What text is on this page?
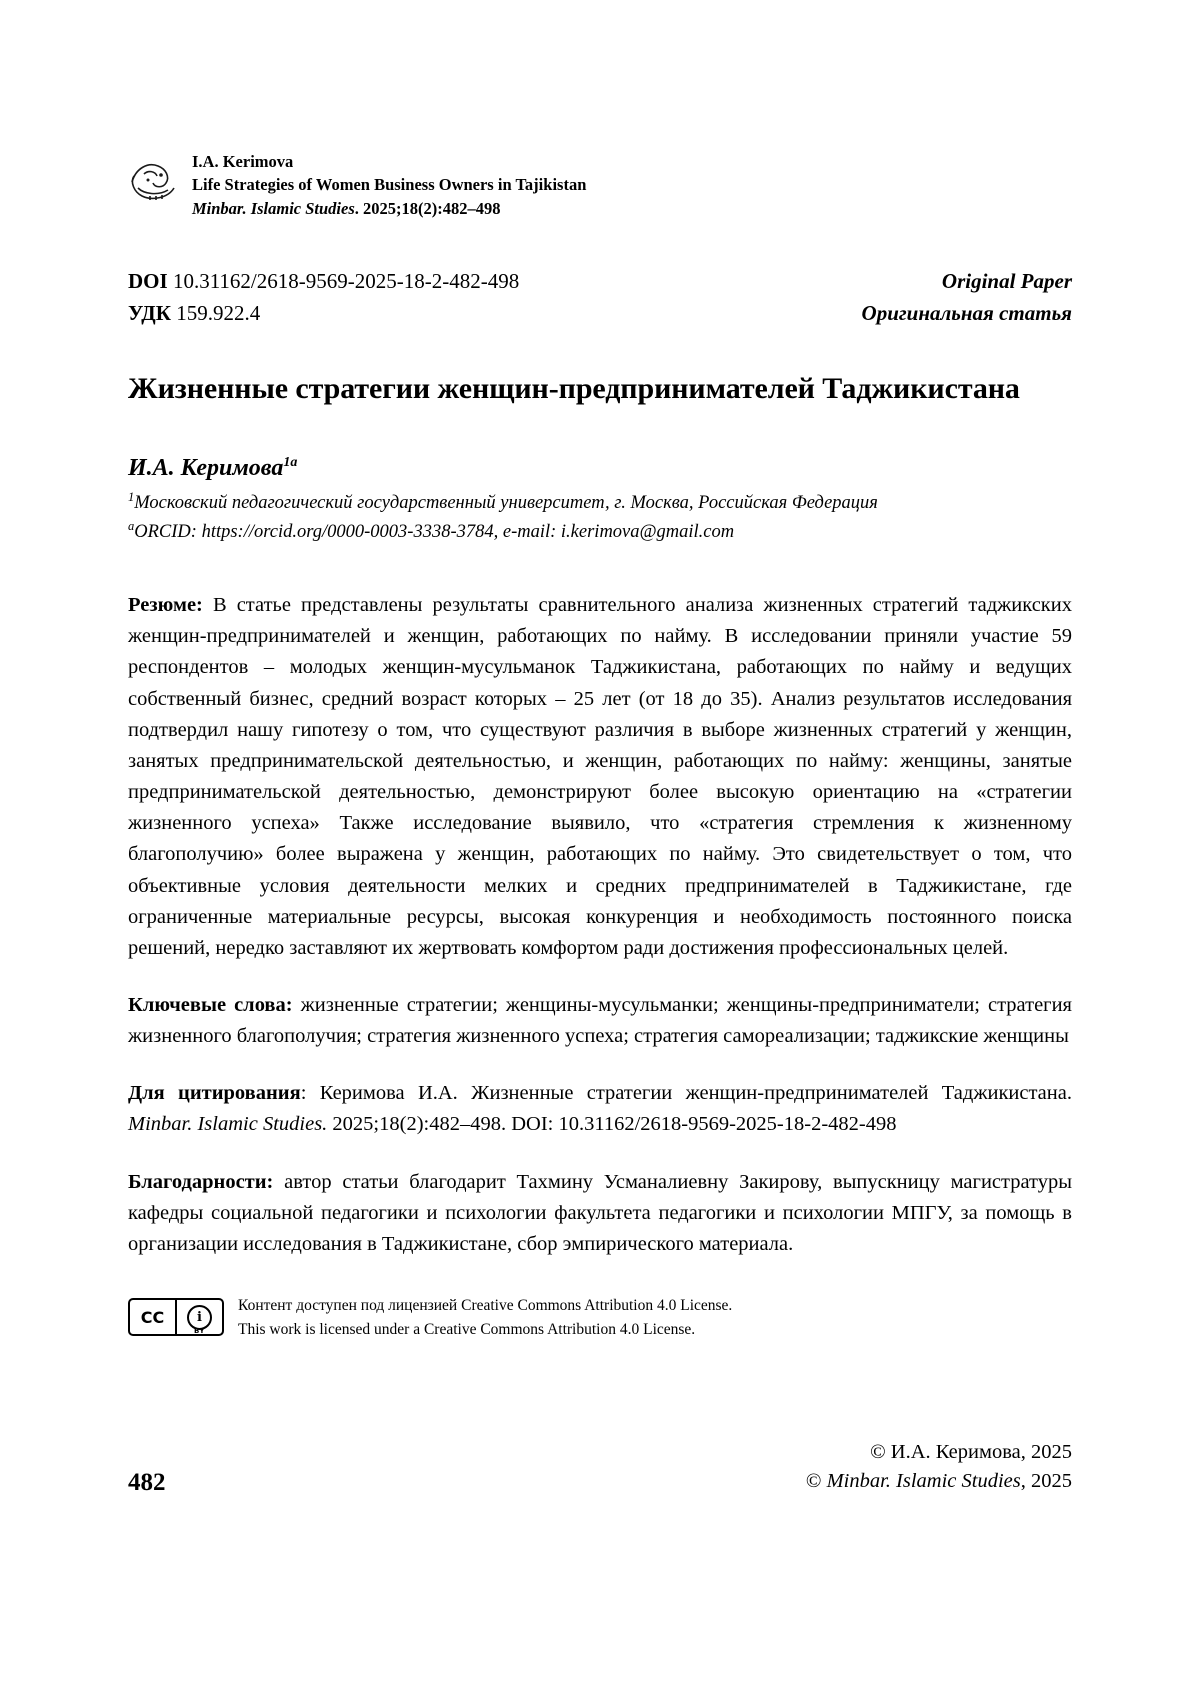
I.A. Kerimova
Life Strategies of Women Business Owners in Tajikistan
Minbar. Islamic Studies. 2025;18(2):482–498
DOI 10.31162/2618-9569-2025-18-2-482-498	Original Paper
УДК 159.922.4	Оригинальная статья
Жизненные стратегии женщин-предпринимателей Таджикистана
И.А. Керимова$^{1a}$
$^1$Московский педагогический государственный университет, г. Москва, Российская Федерация
$^a$ORCID: https://orcid.org/0000-0003-3338-3784, e-mail: i.kerimova@gmail.com

Резюме: В статье представлены результаты сравнительного анализа жизненных стратегий таджикских женщин-предпринимателей и женщин, работающих по найму. В исследовании приняли участие 59 респондентов – молодых женщин-мусульманок Таджикистана, работающих по найму и ведущих собственный бизнес, средний возраст которых – 25 лет (от 18 до 35). Анализ результатов исследования подтвердил нашу гипотезу о том, что существуют различия в выборе жизненных стратегий у женщин, занятых предпринимательской деятельностью, и женщин, работающих по найму: женщины, занятые предпринимательской деятельностью, демонстрируют более высокую ориентацию на «стратегии жизненного успеха» Также исследование выявило, что «стратегия стремления к жизненному благополучию» более выражена у женщин, работающих по найму. Это свидетельствует о том, что объективные условия деятельности мелких и средних предпринимателей в Таджикистане, где ограниченные материальные ресурсы, высокая конкуренция и необходимость постоянного поиска решений, нередко заставляют их жертвовать комфортом ради достижения профессиональных целей.

Ключевые слова: жизненные стратегии; женщины-мусульманки; женщины-предприниматели; стратегия жизненного благополучия; стратегия жизненного успеха; стратегия самореализации; таджикские женщины

Для цитирования: Керимова И.А. Жизненные стратегии женщин-предпринимателей Таджикистана. Minbar. Islamic Studies. 2025;18(2):482–498. DOI: 10.31162/2618-9569-2025-18-2-482-498

Благодарности: автор статьи благодарит Тахмину Усманалиевну Закирову, выпускницу магистратуры кафедры социальной педагогики и психологии факультета педагогики и психологии МПГУ, за помощь в организации исследования в Таджикистане, сбор эмпирического материала.

CC	i
BY
Контент доступен под лицензией Creative Commons Attribution 4.0 License.
This work is licensed under a Creative Commons Attribution 4.0 License.
482
© И.А. Керимова, 2025
© Minbar. Islamic Studies, 2025
